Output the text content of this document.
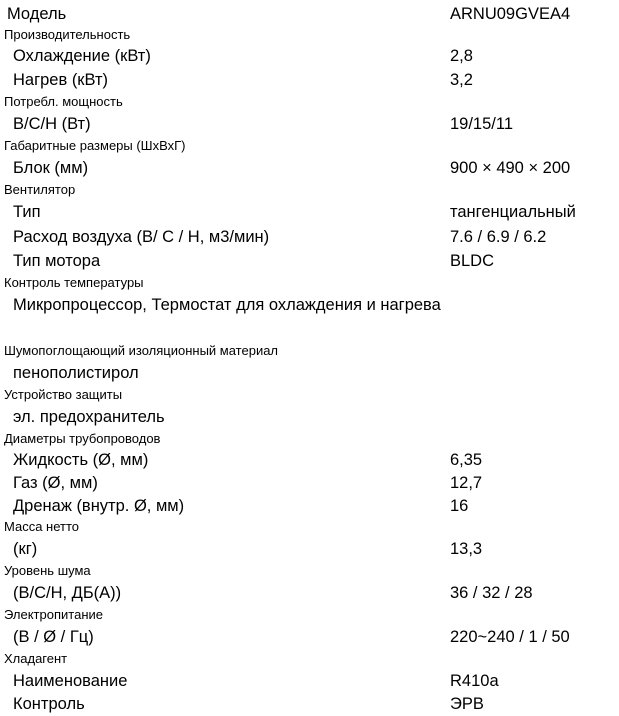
Модель	ARNU09GVEA4
Производительность
Охлаждение (кВт)	2,8
Нагрев (кВт)	3,2
Потребл. мощность
В/С/Н (Вт)	19/15/11
Габаритные размеры (ШхВхГ)
Блок (мм)	900 × 490 × 200
Вентилятор
Тип	тангенциальный
Расход воздуха (В/ С / Н, м3/мин)	7.6 / 6.9 / 6.2
Тип мотора	BLDC
Контроль температуры
Микропроцессор, Термостат для охлаждения и нагрева
Шумопоглощающий изоляционный материал
пенополистирол
Устройство защиты
эл. предохранитель
Диаметры трубопроводов
Жидкость (Ø, мм)	6,35
Газ (Ø, мм)	12,7
Дренаж (внутр. Ø, мм)	16
Масса нетто
(кг)	13,3
Уровень шума
(В/С/Н, ДБ(А))	36 / 32 / 28
Электропитание
(В / Ø / Гц)	220~240 / 1 / 50
Хладагент
Наименование	R410a
Контроль	ЭРВ
